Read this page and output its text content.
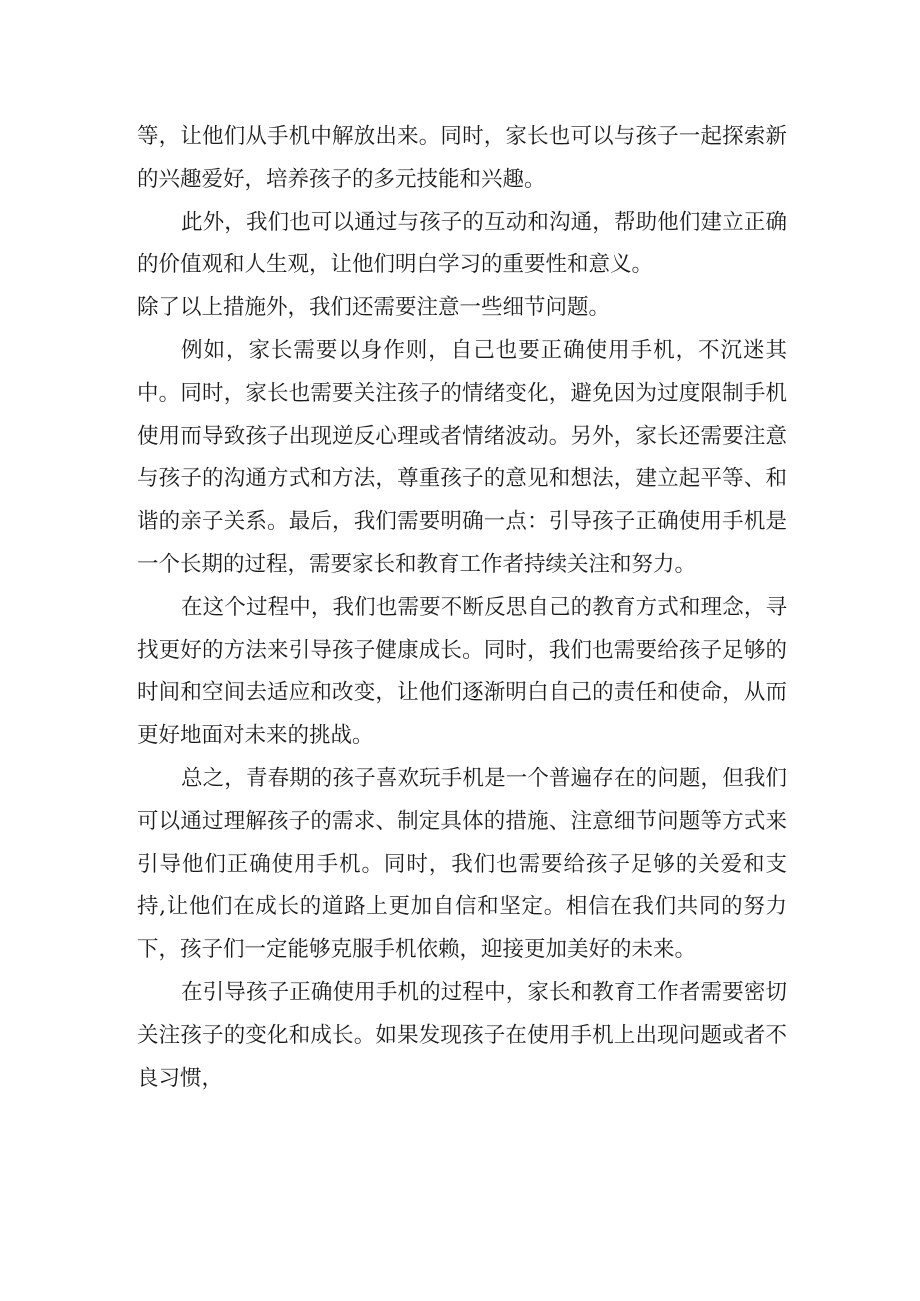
等，让他们从手机中解放出来。同时，家长也可以与孩子一起探索新的兴趣爱好，培养孩子的多元技能和兴趣。

此外，我们也可以通过与孩子的互动和沟通，帮助他们建立正确的价值观和人生观，让他们明白学习的重要性和意义。

除了以上措施外，我们还需要注意一些细节问题。

例如，家长需要以身作则，自己也要正确使用手机，不沉迷其中。同时，家长也需要关注孩子的情绪变化，避免因为过度限制手机使用而导致孩子出现逆反心理或者情绪波动。另外，家长还需要注意与孩子的沟通方式和方法，尊重孩子的意见和想法，建立起平等、和谐的亲子关系。最后，我们需要明确一点：引导孩子正确使用手机是一个长期的过程，需要家长和教育工作者持续关注和努力。

在这个过程中，我们也需要不断反思自己的教育方式和理念，寻找更好的方法来引导孩子健康成长。同时，我们也需要给孩子足够的时间和空间去适应和改变，让他们逐渐明白自己的责任和使命，从而更好地面对未来的挑战。

总之，青春期的孩子喜欢玩手机是一个普遍存在的问题，但我们可以通过理解孩子的需求、制定具体的措施、注意细节问题等方式来引导他们正确使用手机。同时，我们也需要给孩子足够的关爱和支持,让他们在成长的道路上更加自信和坚定。相信在我们共同的努力下，孩子们一定能够克服手机依赖，迎接更加美好的未来。

在引导孩子正确使用手机的过程中，家长和教育工作者需要密切关注孩子的变化和成长。如果发现孩子在使用手机上出现问题或者不良习惯，
